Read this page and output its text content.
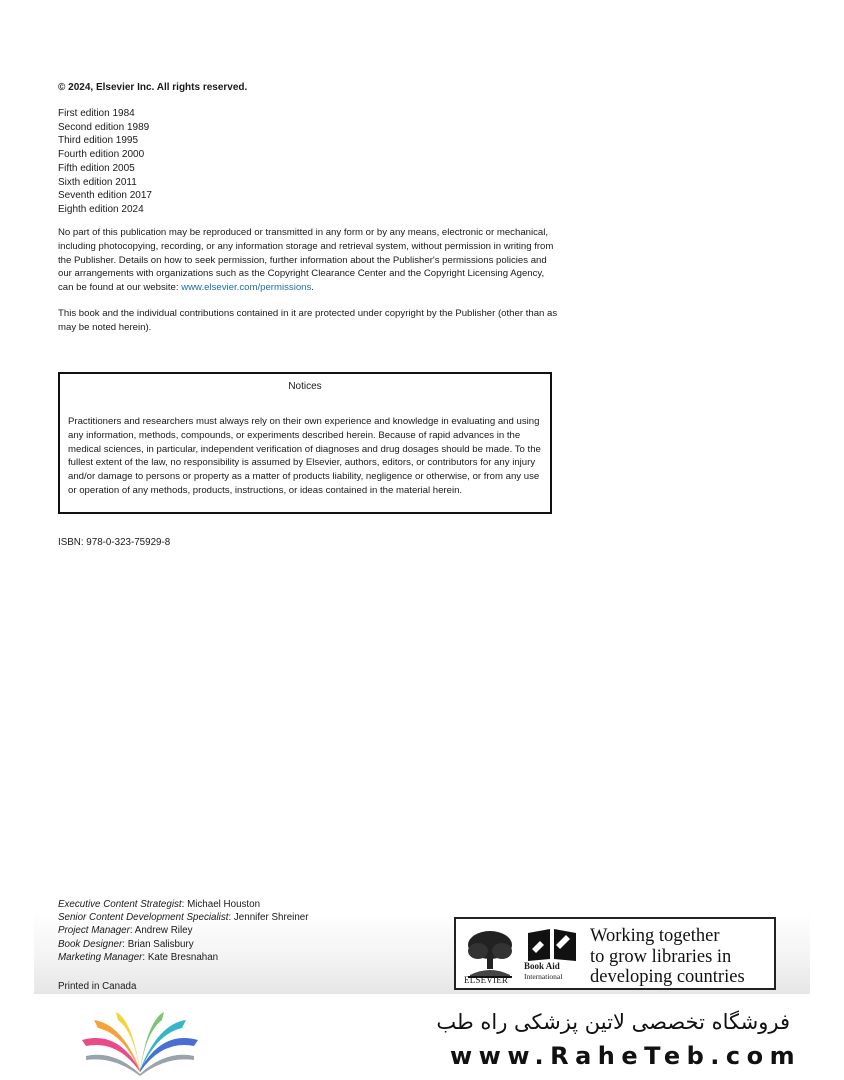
© 2024, Elsevier Inc. All rights reserved.
First edition 1984
Second edition 1989
Third edition 1995
Fourth edition 2000
Fifth edition 2005
Sixth edition 2011
Seventh edition 2017
Eighth edition 2024
No part of this publication may be reproduced or transmitted in any form or by any means, electronic or mechanical, including photocopying, recording, or any information storage and retrieval system, without permission in writing from the Publisher. Details on how to seek permission, further information about the Publisher's permissions policies and our arrangements with organizations such as the Copyright Clearance Center and the Copyright Licensing Agency, can be found at our website: www.elsevier.com/permissions.
This book and the individual contributions contained in it are protected under copyright by the Publisher (other than as may be noted herein).
Notices
Practitioners and researchers must always rely on their own experience and knowledge in evaluating and using any information, methods, compounds, or experiments described herein. Because of rapid advances in the medical sciences, in particular, independent verification of diagnoses and drug dosages should be made. To the fullest extent of the law, no responsibility is assumed by Elsevier, authors, editors, or contributors for any injury and/or damage to persons or property as a matter of products liability, negligence or otherwise, or from any use or operation of any methods, products, instructions, or ideas contained in the material herein.
ISBN: 978-0-323-75929-8
Executive Content Strategist: Michael Houston
Senior Content Development Specialist: Jennifer Shreiner
Project Manager: Andrew Riley
Book Designer: Brian Salisbury
Marketing Manager: Kate Bresnahan
Printed in Canada
ELSEVIER
Book Aid
International
Working together
to grow libraries in
developing countries
فروشگاه تخصصی لاتین پزشکی راه طب
www.RaheTeb.com
